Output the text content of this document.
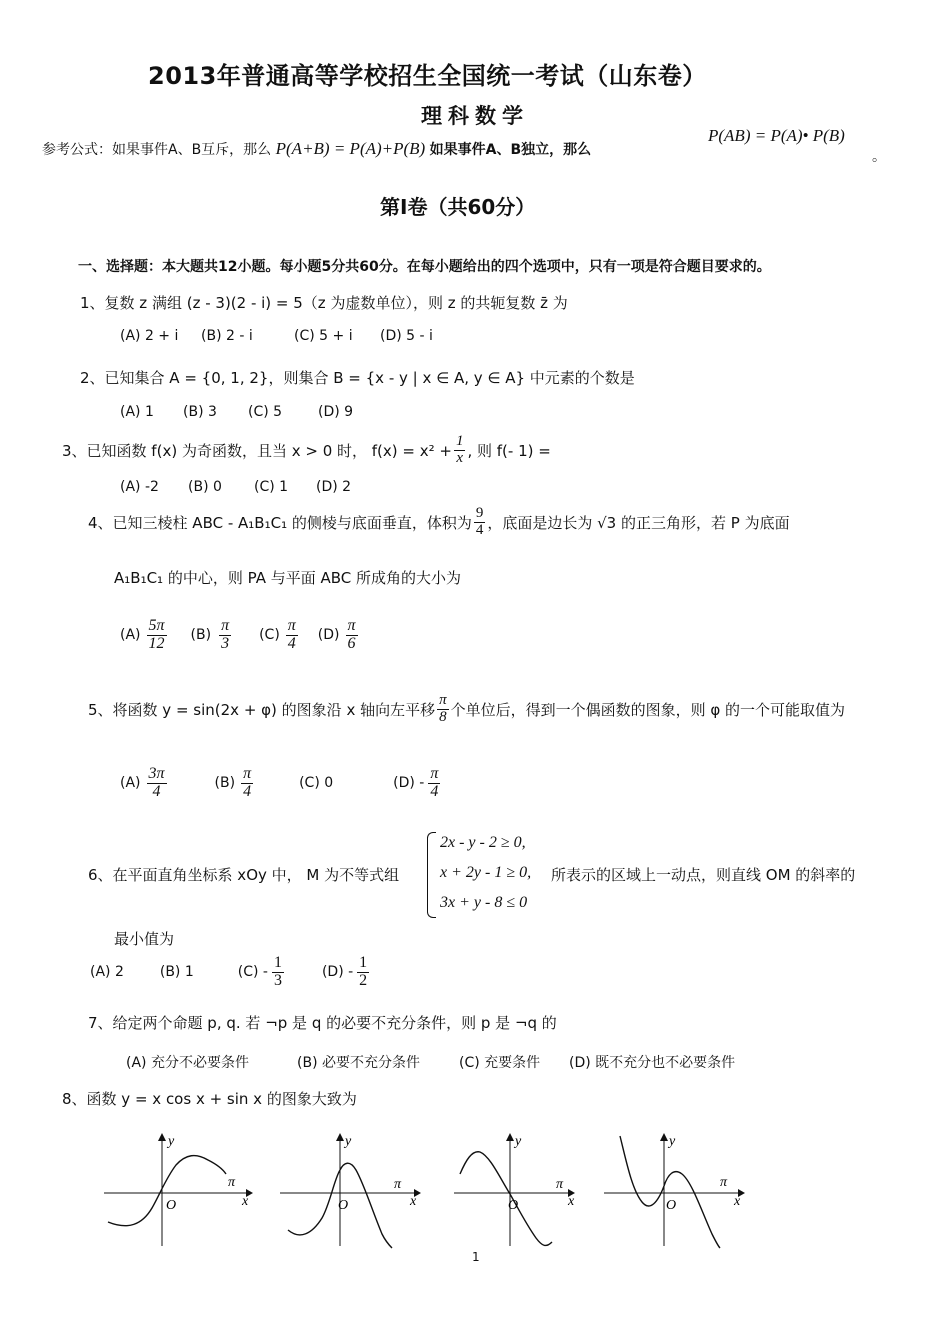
2013年普通高等学校招生全国统一考试（山东卷）
理科数学
参考公式：如果事件A、B互斥，那么 P(A+B) = P(A)+P(B) 如果事件A、B独立，那么
P(AB) = P(A)• P(B)
。
第Ⅰ卷（共60分）
一、选择题：本大题共12小题。每小题5分共60分。在每小题给出的四个选项中，只有一项是符合题目要求的。
1、复数 z 满组 (z - 3)(2 - i) = 5（z 为虚数单位），则 z 的共轭复数 z̄ 为
(A) 2 + i (B) 2 - i	(C) 5 + i (D) 5 - i
2、已知集合 A = {0, 1, 2}，则集合 B = {x - y | x ∈ A, y ∈ A} 中元素的个数是
(A) 1 (B) 3 (C) 5	(D) 9
3、已知函数 f(x) 为奇函数，且当 x > 0 时， $f(x) = x^2 + \frac{1}{x}$ , 则 f(- 1) =
(A) -2 (B) 0 (C) 1 (D) 2
4、已知三棱柱 ABC - A₁B₁C₁ 的侧棱与底面垂直，体积为 $\frac{9}{4}$ ，底面是边长为 √3 的正三角形，若 P 为底面
A₁B₁C₁ 的中心，则 PA 与平面 ABC 所成角的大小为
$(A) \frac{5\pi}{12} (B) \frac{\pi}{3} (C) \frac{\pi}{4} (D) \frac{\pi}{6}$
5、将函数 y = sin(2x + φ) 的图象沿 x 轴向左平移 $\frac{\pi}{8}$ 个单位后，得到一个偶函数的图象，则 φ 的一个可能取值为
$(A) \frac{3\pi}{4}$	$(B) \frac{\pi}{4}$	(C) 0	$(D) - \frac{\pi}{4}$
6、在平面直角坐标系 xOy 中， M 为不等式组
2x - y - 2 ≥ 0,
x + 2y - 1 ≥ 0,
3x + y - 8 ≤ 0
所表示的区域上一动点，则直线 OM 的斜率的
最小值为
(A) 2	(B) 1	$(C) - \frac{1}{3}$	$(D) - \frac{1}{2}$
7、给定两个命题 p, q. 若 ¬p 是 q 的必要不充分条件，则 p 是 ¬q 的
(A) 充分不必要条件	(B) 必要不充分条件	(C) 充要条件 (D) 既不充分也不必要条件
8、函数 y = x cos x + sin x 的图象大致为
y
x
O
π
y
x
O
π
y
x
O
π
y
x
O
π
1
